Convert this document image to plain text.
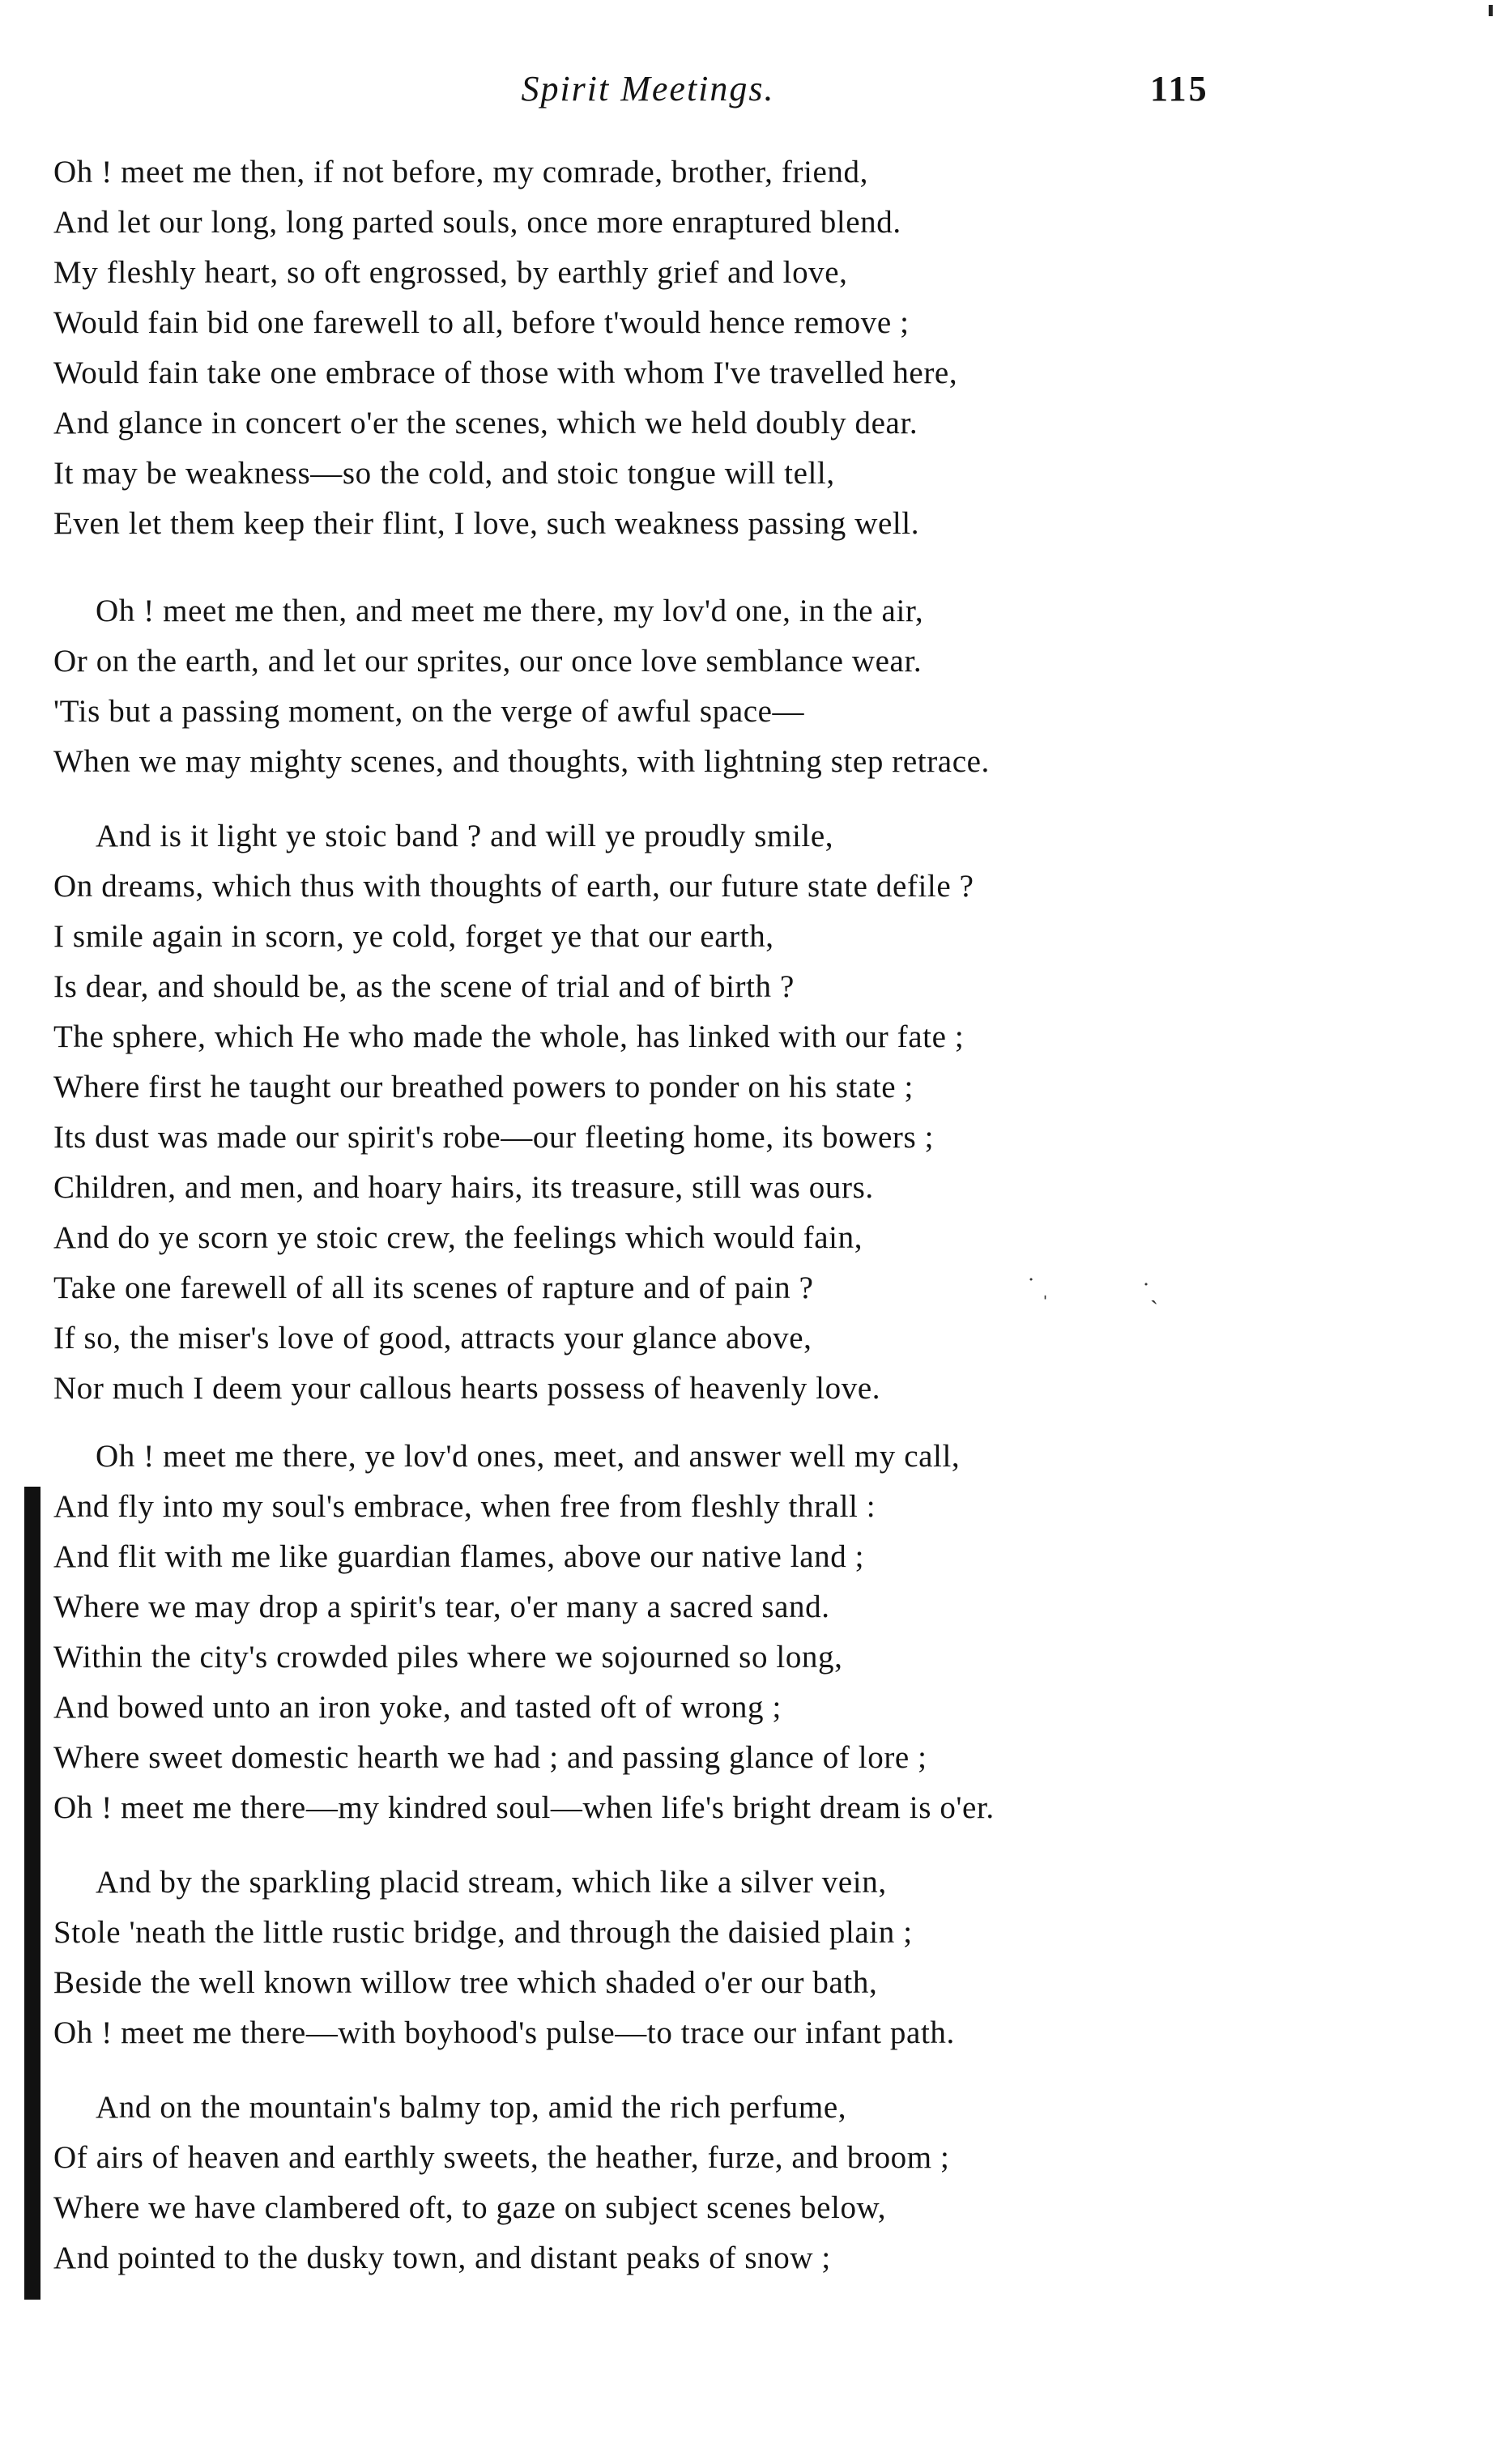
Spirit Meetings.	115
Oh ! meet me then, if not before, my comrade, brother, friend,
And let our long, long parted souls, once more enraptured blend.
My fleshly heart, so oft engrossed, by earthly grief and love,
Would fain bid one farewell to all, before t'would hence remove ;
Would fain take one embrace of those with whom I've travelled here,
And glance in concert o'er the scenes, which we held doubly dear.
It may be weakness—so the cold, and stoic tongue will tell,
Even let them keep their flint, I love, such weakness passing well.
Oh ! meet me then, and meet me there, my lov'd one, in the air,
Or on the earth, and let our sprites, our once love semblance wear.
'Tis but a passing moment, on the verge of awful space—
When we may mighty scenes, and thoughts, with lightning step retrace.
And is it light ye stoic band ? and will ye proudly smile,
On dreams, which thus with thoughts of earth, our future state defile ?
I smile again in scorn, ye cold, forget ye that our earth,
Is dear, and should be, as the scene of trial and of birth ?
The sphere, which He who made the whole, has linked with our fate ;
Where first he taught our breathed powers to ponder on his state ;
Its dust was made our spirit's robe—our fleeting home, its bowers ;
Children, and men, and hoary hairs, its treasure, still was ours.
And do ye scorn ye stoic crew, the feelings which would fain,
Take one farewell of all its scenes of rapture and of pain ?
If so, the miser's love of good, attracts your glance above,
Nor much I deem your callous hearts possess of heavenly love.
˙ ˌ	˙ˏ
Oh ! meet me there, ye lov'd ones, meet, and answer well my call,
And fly into my soul's embrace, when free from fleshly thrall :
And flit with me like guardian flames, above our native land ;
Where we may drop a spirit's tear, o'er many a sacred sand.
Within the city's crowded piles where we sojourned so long,
And bowed unto an iron yoke, and tasted oft of wrong ;
Where sweet domestic hearth we had ; and passing glance of lore ;
Oh ! meet me there—my kindred soul—when life's bright dream is o'er.
And by the sparkling placid stream, which like a silver vein,
Stole 'neath the little rustic bridge, and through the daisied plain ;
Beside the well known willow tree which shaded o'er our bath,
Oh ! meet me there—with boyhood's pulse—to trace our infant path.
And on the mountain's balmy top, amid the rich perfume,
Of airs of heaven and earthly sweets, the heather, furze, and broom ;
Where we have clambered oft, to gaze on subject scenes below,
And pointed to the dusky town, and distant peaks of snow ;
